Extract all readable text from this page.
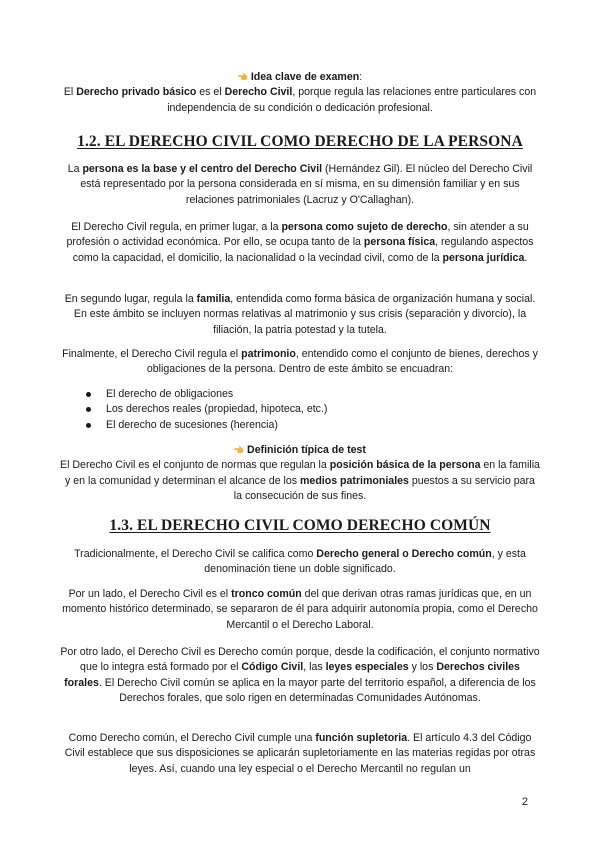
Idea clave de examen:

El Derecho privado básico es el Derecho Civil, porque regula las relaciones entre particulares con independencia de su condición o dedicación profesional.

1.2. EL DERECHO CIVIL COMO DERECHO DE LA PERSONA

La persona es la base y el centro del Derecho Civil (Hernández Gil). El núcleo del Derecho Civil está representado por la persona considerada en sí misma, en su dimensión familiar y en sus relaciones patrimoniales (Lacruz y O'Callaghan).

El Derecho Civil regula, en primer lugar, a la persona como sujeto de derecho, sin atender a su profesión o actividad económica. Por ello, se ocupa tanto de la persona física, regulando aspectos como la capacidad, el domicilio, la nacionalidad o la vecindad civil, como de la persona jurídica.

En segundo lugar, regula la familia, entendida como forma básica de organización humana y social. En este ámbito se incluyen normas relativas al matrimonio y sus crisis (separación y divorcio), la filiación, la patria potestad y la tutela.

Finalmente, el Derecho Civil regula el patrimonio, entendido como el conjunto de bienes, derechos y obligaciones de la persona. Dentro de este ámbito se encuadran:

El derecho de obligaciones
Los derechos reales (propiedad, hipoteca, etc.)
El derecho de sucesiones (herencia)

Definición típica de test

El Derecho Civil es el conjunto de normas que regulan la posición básica de la persona en la familia y en la comunidad y determinan el alcance de los medios patrimoniales puestos a su servicio para la consecución de sus fines.

1.3. EL DERECHO CIVIL COMO DERECHO COMÚN

Tradicionalmente, el Derecho Civil se califica como Derecho general o Derecho común, y esta denominación tiene un doble significado.

Por un lado, el Derecho Civil es el tronco común del que derivan otras ramas jurídicas que, en un momento histórico determinado, se separaron de él para adquirir autonomía propia, como el Derecho Mercantil o el Derecho Laboral.

Por otro lado, el Derecho Civil es Derecho común porque, desde la codificación, el conjunto normativo que lo integra está formado por el Código Civil, las leyes especiales y los Derechos civiles forales. El Derecho Civil común se aplica en la mayor parte del territorio español, a diferencia de los Derechos forales, que solo rigen en determinadas Comunidades Autónomas.

Como Derecho común, el Derecho Civil cumple una función supletoria. El artículo 4.3 del Código Civil establece que sus disposiciones se aplicarán supletoriamente en las materias regidas por otras leyes. Así, cuando una ley especial o el Derecho Mercantil no regulan un

2
